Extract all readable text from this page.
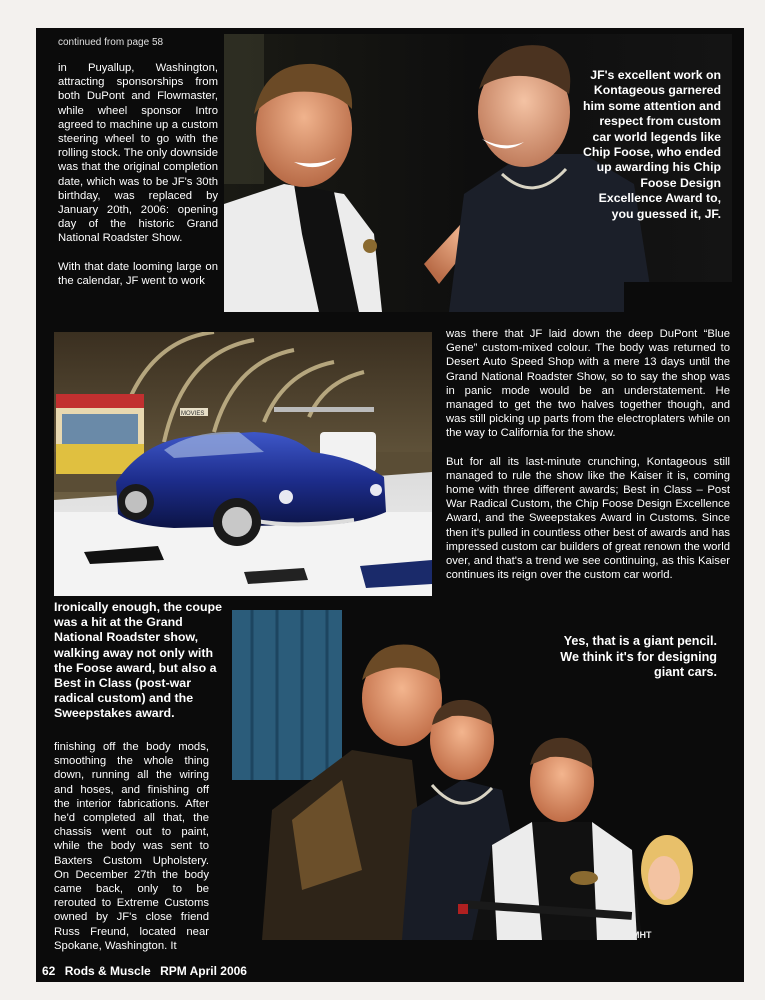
continued from page 58

in Puyallup, Washington, attracting sponsorships from both DuPont and Flowmaster, while wheel sponsor Intro agreed to machine up a custom steering wheel to go with the rolling stock. The only downside was that the original completion date, which was to be JF's 30th birthday, was replaced by January 20th, 2006: opening day of the historic Grand National Roadster Show.

With that date looming large on the calendar, JF went to work

JF's excellent work on Kontageous garnered him some attention and respect from custom car world legends like Chip Foose, who ended up awarding his Chip Foose Design Excellence Award to, you guessed it, JF.
MOVIES

was there that JF laid down the deep DuPont “Blue Gene” custom-mixed colour. The body was returned to Desert Auto Speed Shop with a mere 13 days until the Grand National Roadster Show, so to say the shop was in panic mode would be an understatement. He managed to get the two halves together though, and was still picking up parts from the electroplaters while on the way to California for the show.

But for all its last-minute crunching, Kontageous still managed to rule the show like the Kaiser it is, coming home with three different awards; Best in Class – Post War Radical Custom, the Chip Foose Design Excellence Award, and the Sweepstakes Award in Customs. Since then it's pulled in countless other best of awards and has impressed custom car builders of great renown the world over, and that's a trend we see continuing, as this Kaiser continues its reign over the custom car world.

Ironically enough, the coupe was a hit at the Grand National Roadster show, walking away not only with the Foose award, but also a Best in Class (post-war radical custom) and the Sweepstakes award.

finishing off the body mods, smoothing the whole thing down, running all the wiring and hoses, and finishing off the interior fabrications. After he'd completed all that, the chassis went out to paint, while the body was sent to Baxters Custom Upholstery. On December 27th the body came back, only to be rerouted to Extreme Customs owned by JF's close friend Russ Freund, located near Spokane, Washington. It

MHT
Yes, that is a giant pencil. We think it's for designing giant cars.
62 Rods & Muscle RPM April 2006
